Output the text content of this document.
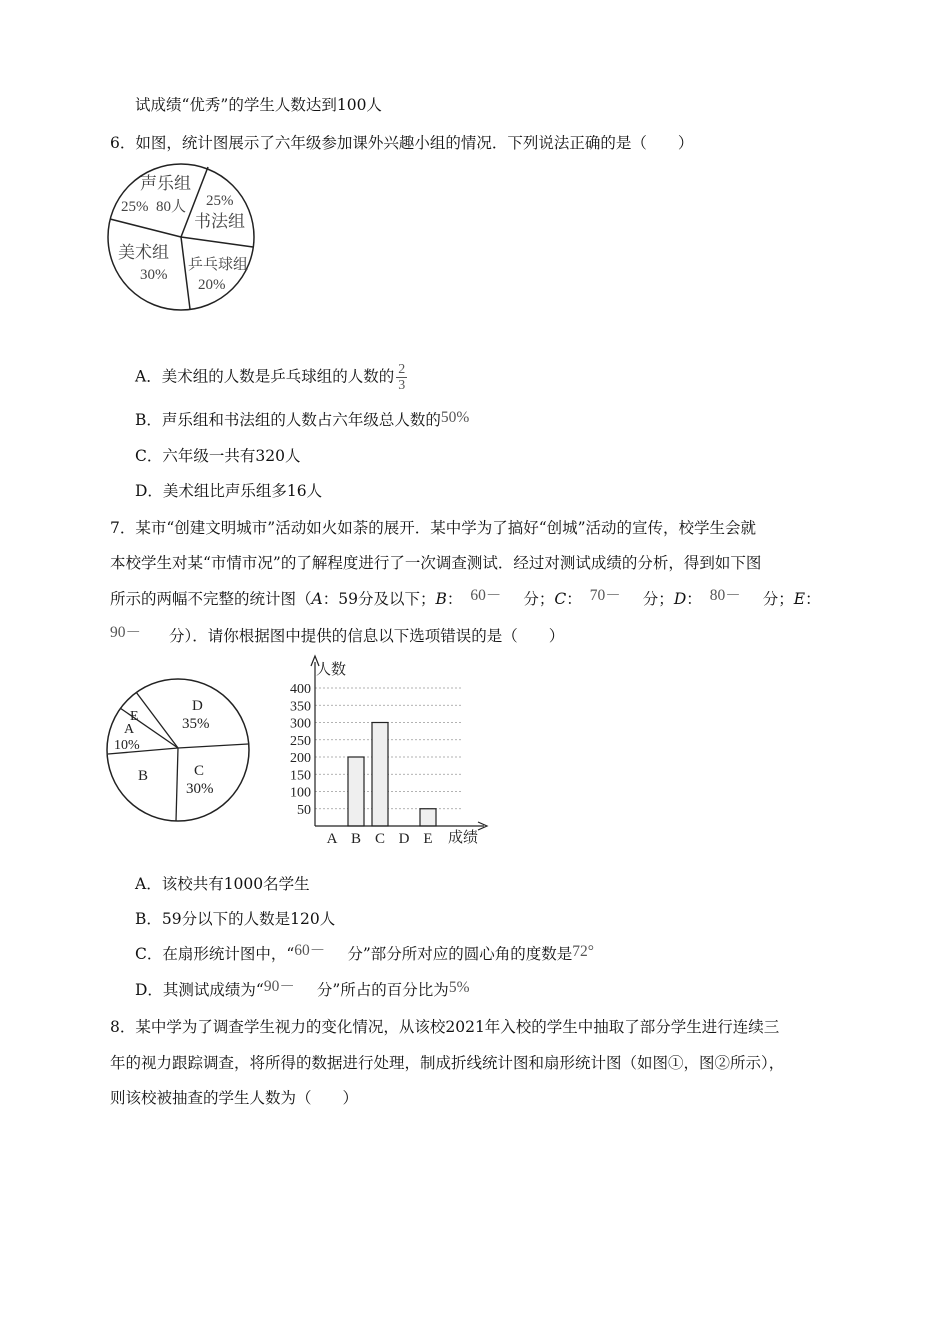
试成绩“优秀”的学生人数达到100人
6．如图，统计图展示了六年级参加课外兴趣小组的情况．下列说法正确的是（　　）
声乐组
25% 80人 25%
书法组
美术组
30%
乒乓球组
20%
A．美术组的人数是乒乓球组的人数的 $\frac{2}{3}$
B．声乐组和书法组的人数占六年级总人数的50%
C．六年级一共有320人
D．美术组比声乐组多16人
7．某市“创建文明城市”活动如火如荼的展开．某中学为了搞好“创城”活动的宣传，校学生会就
本校学生对某“市情市况”的了解程度进行了一次调查测试．经过对测试成绩的分析，得到如下图
所示的两幅不完整的统计图（A：59分及以下；B： 60－ 分；C： 70－ 分；D： 80－ 分；E：
90－ 分）．请你根据图中提供的信息以下选项错误的是（　　）
E
A
10%
D
35%
C
30%
B
50
100
150
200
250
300
350
400
A B C D E
人数
成绩
A．该校共有1000名学生
B．59分以下的人数是120人
C．在扇形统计图中，“60－ 分”部分所对应的圆心角的度数是72°
D．其测试成绩为“90－ 分”所占的百分比为5%
8．某中学为了调查学生视力的变化情况，从该校2021年入校的学生中抽取了部分学生进行连续三
年的视力跟踪调查，将所得的数据进行处理，制成折线统计图和扇形统计图（如图①，图②所示），
则该校被抽查的学生人数为（　　）
